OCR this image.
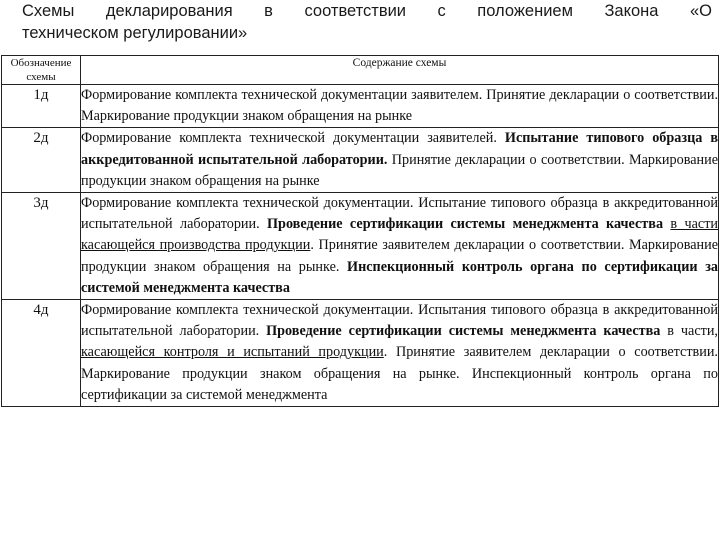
Схемы декларирования в соответствии с положением Закона «О
техническом регулировании»
Обозначение схемы	Содержание схемы
1д	Формирование комплекта технической документации заявителем. Принятие декларации о соответствии. Маркирование продукции знаком обращения на рынке
2д	Формирование комплекта технической документации заявителей. Испытание типового образца в аккредитованной испытательной лаборатории. Принятие декларации о соответствии. Маркирование продукции знаком обращения на рынке
3д	Формирование комплекта технической документации. Испытание типового образца в аккредитованной испытательной лаборатории. Проведение сертификации системы менеджмента качества в части касающейся производства продукции. Принятие заявителем декларации о соответствии. Маркирование продукции знаком обращения на рынке. Инспекционный контроль органа по сертификации за системой менеджмента качества
4д	Формирование комплекта технической документации. Испытания типового образца в аккредитованной испытательной лаборатории. Проведение сертификации системы менеджмента качества в части, касающейся контроля и испытаний продукции. Принятие заявителем декларации о соответствии. Маркирование продукции знаком обращения на рынке. Инспекционный контроль органа по сертификации за системой менеджмента
